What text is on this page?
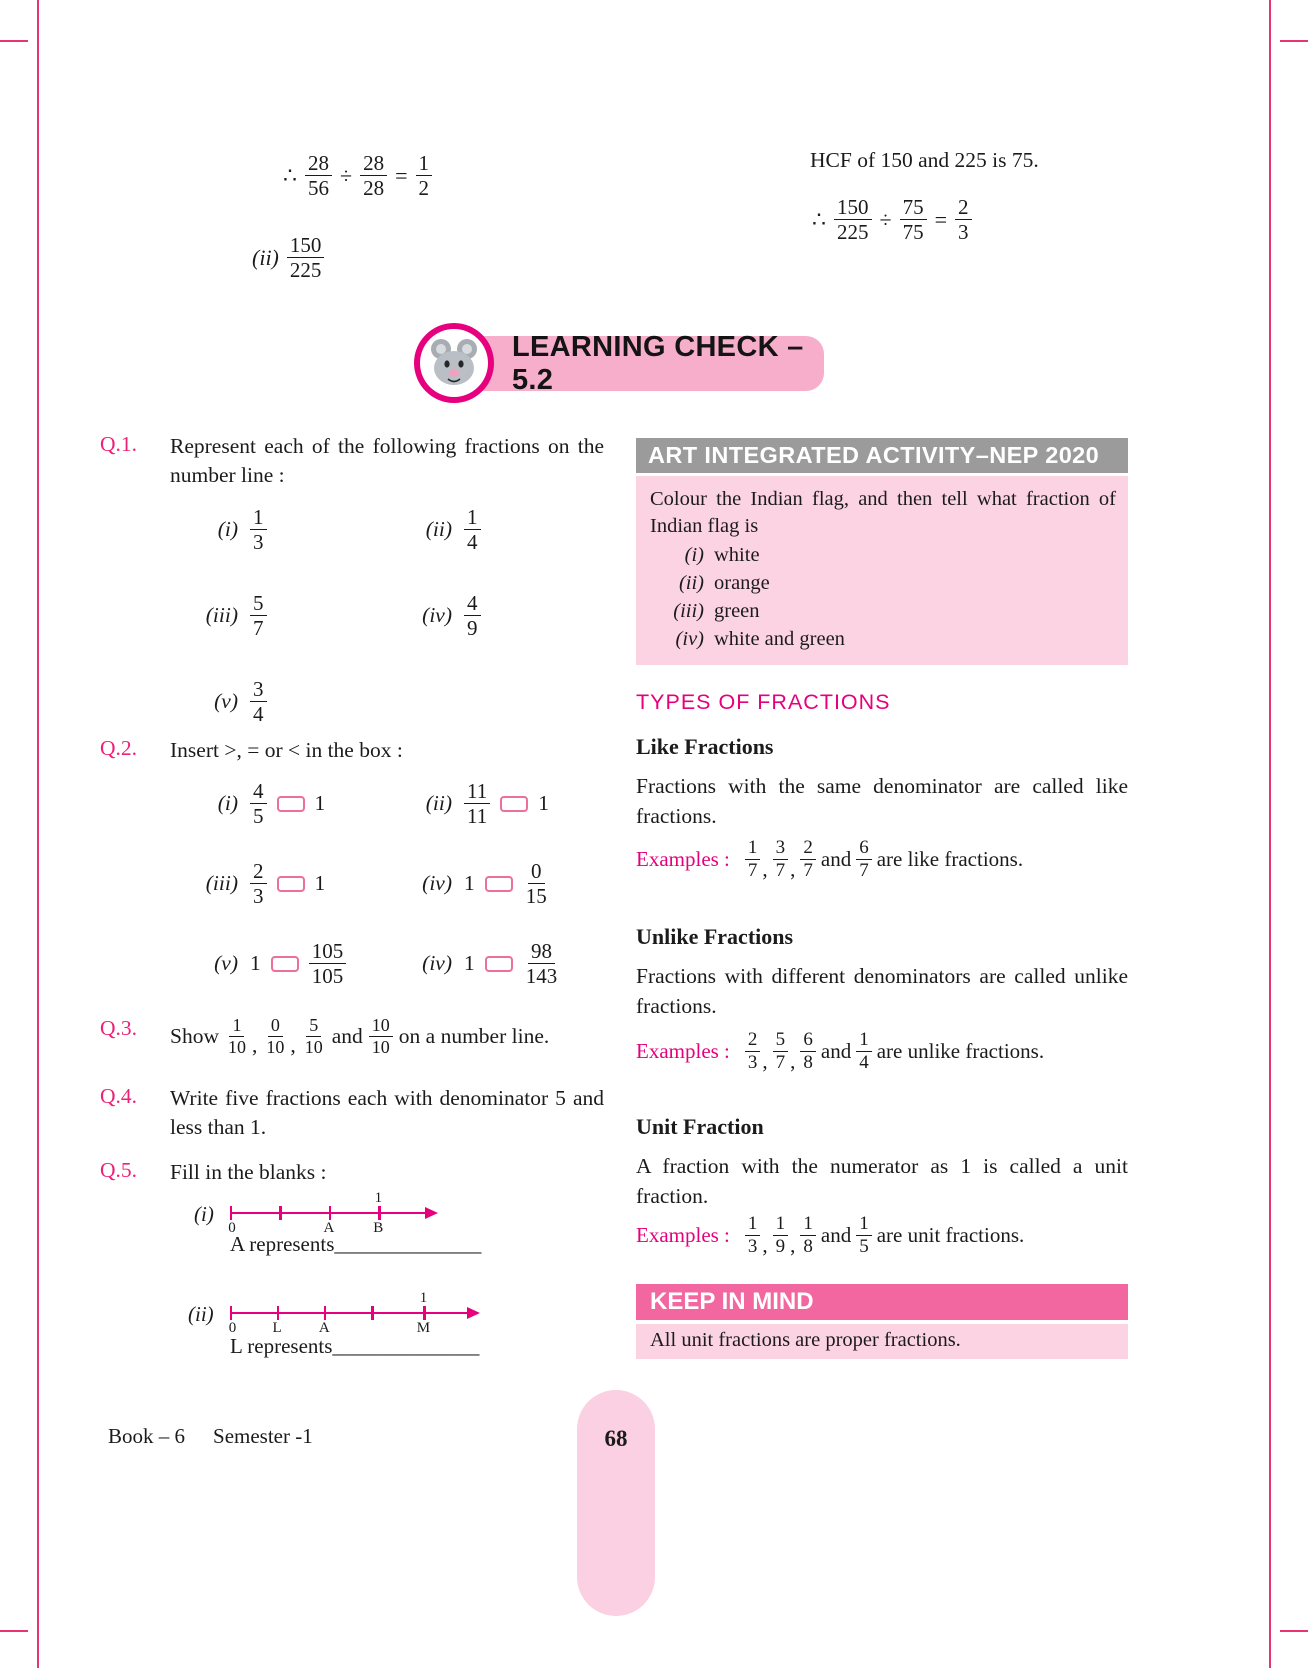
∴ $\frac{28}{56} \div \frac{28}{28} = \frac{1}{2}$
$(ii) \frac{150}{225}$
HCF of 150 and 225 is 75.
∴ $\frac{150}{225} \div \frac{75}{75} = \frac{2}{3}$
LEARNING CHECK – 5.2
Q.1.	Represent each of the following fractions on the number line :
$(i) \frac{1}{3}$	$(ii) \frac{1}{4}$
$(iii) \frac{5}{7}$	$(iv) \frac{4}{9}$
$(v) \frac{3}{4}$
Q.2.	Insert >, = or < in the box :
$(i) \frac{4}{5} 1$	$(ii) \frac{11}{11} 1$
$(iii) \frac{2}{3} 1$	(iv) $1 \frac{0}{15}$
(v) $1 \frac{105}{105}$	(iv) $1 \frac{98}{143}$
Q.3.	Show $\frac{1}{10}$ , $\frac{0}{10}$ , $\frac{5}{10}$ and $\frac{10}{10}$ on a number line.
Q.4.	Write five fractions each with denominator 5 and less than 1.
Q.5.	Fill in the blanks :
(i)
1
0	A	B
A represents______________
(ii)
1
0 L A	M
L represents______________
ART INTEGRATED ACTIVITY–NEP 2020
Colour the Indian flag, and then tell what fraction of Indian flag is
(i) white
(ii) orange
(iii) green
(iv) white and green
TYPES OF FRACTIONS
Like Fractions
Fractions with the same denominator are called like fractions.
Examples : $\frac{1}{7}$ , $\frac{3}{7}$ , $\frac{2}{7}$ and $\frac{6}{7}$ are like fractions.
Unlike Fractions
Fractions with different denominators are called unlike fractions.
Examples : $\frac{2}{3}$ , $\frac{5}{7}$ , $\frac{6}{8}$ and $\frac{1}{4}$ are unlike fractions.
Unit Fraction
A fraction with the numerator as 1 is called a unit fraction.
Examples : $\frac{1}{3}$ , $\frac{1}{9}$ , $\frac{1}{8}$ and $\frac{1}{5}$ are unit fractions.
KEEP IN MIND
All unit fractions are proper fractions.
Book – 6 Semester -1	68
